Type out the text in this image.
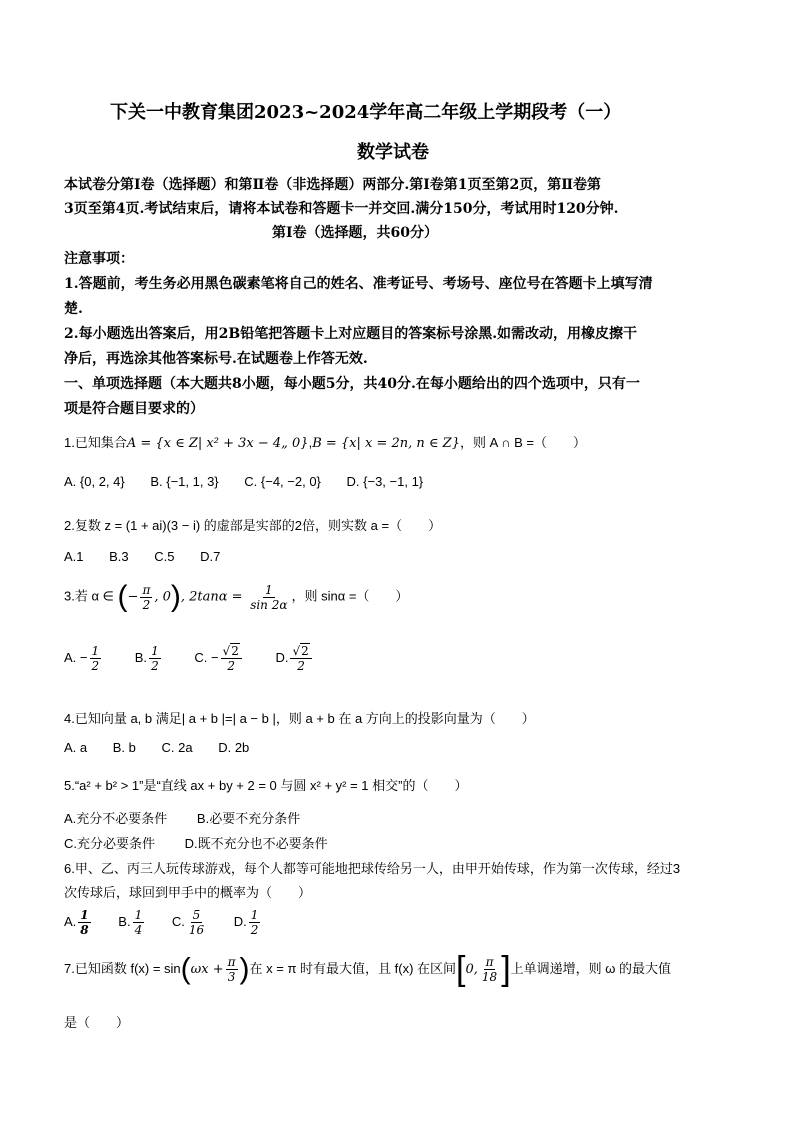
下关一中教育集团2023~2024学年高二年级上学期段考（一）
数学试卷
本试卷分第Ⅰ卷（选择题）和第Ⅱ卷（非选择题）两部分.第Ⅰ卷第1页至第2页，第Ⅱ卷第
3页至第4页.考试结束后，请将本试卷和答题卡一并交回.满分150分，考试用时120分钟.
第Ⅰ卷（选择题，共60分）
注意事项：
1.答题前，考生务必用黑色碳素笔将自己的姓名、准考证号、考场号、座位号在答题卡上填写清
楚.
2.每小题选出答案后，用2B铅笔把答题卡上对应题目的答案标号涂黑.如需改动，用橡皮擦干
净后，再选涂其他答案标号.在试题卷上作答无效.
一、单项选择题（本大题共8小题，每小题5分，共40分.在每小题给出的四个选项中，只有一
项是符合题目要求的）
1.已知集合A = {x ∈ Z| x² + 3x − 4„ 0},B = {x| x = 2n, n ∈ Z}，则 A ∩ B =（　　）
A. {0, 2, 4} B. {−1, 1, 3} C. {−4, −2, 0} D. {−3, −1, 1}
2.复数 z = (1 + ai)(3 − i) 的虚部是实部的2倍，则实数 a =（　　）
A.1 B.3 C.5 D.7
3.若 α ∈ (− $\frac{\pi}{2}$ , 0), $2\tan\alpha = \frac{1}{\sin 2\alpha}$ ，则 sinα =（　　）
A. − $\frac{1}{2}$	B. $\frac{1}{2}$	C. − $\frac{√2}{2}$	D. $\frac{√2}{2}$
4.已知向量 a, b 满足| a + b |=| a − b |，则 a + b 在 a 方向上的投影向量为（　　）
A. a B. b C. 2a D. 2b
5.“a² + b² > 1”是“直线 ax + by + 2 = 0 与圆 x² + y² = 1 相交”的（　　）
A.充分不必要条件 B.必要不充分条件
C.充分必要条件 D.既不充分也不必要条件
6.甲、乙、丙三人玩传球游戏，每个人都等可能地把球传给另一人，由甲开始传球，作为第一次传球，经过3
次传球后，球回到甲手中的概率为（　　）
A. $\frac{1}{8} B$. $\frac{1}{4} C$. $\frac{5}{16} D$. $\frac{1}{2}$
7.已知函数 $f(x) = \sin(\omega x + \frac{\pi}{3}$ )在 x = π 时有最大值，且 f(x) 在区间[0, $\frac{\pi}{18}$ ]上单调递增，则 ω 的最大值
是（　　）
